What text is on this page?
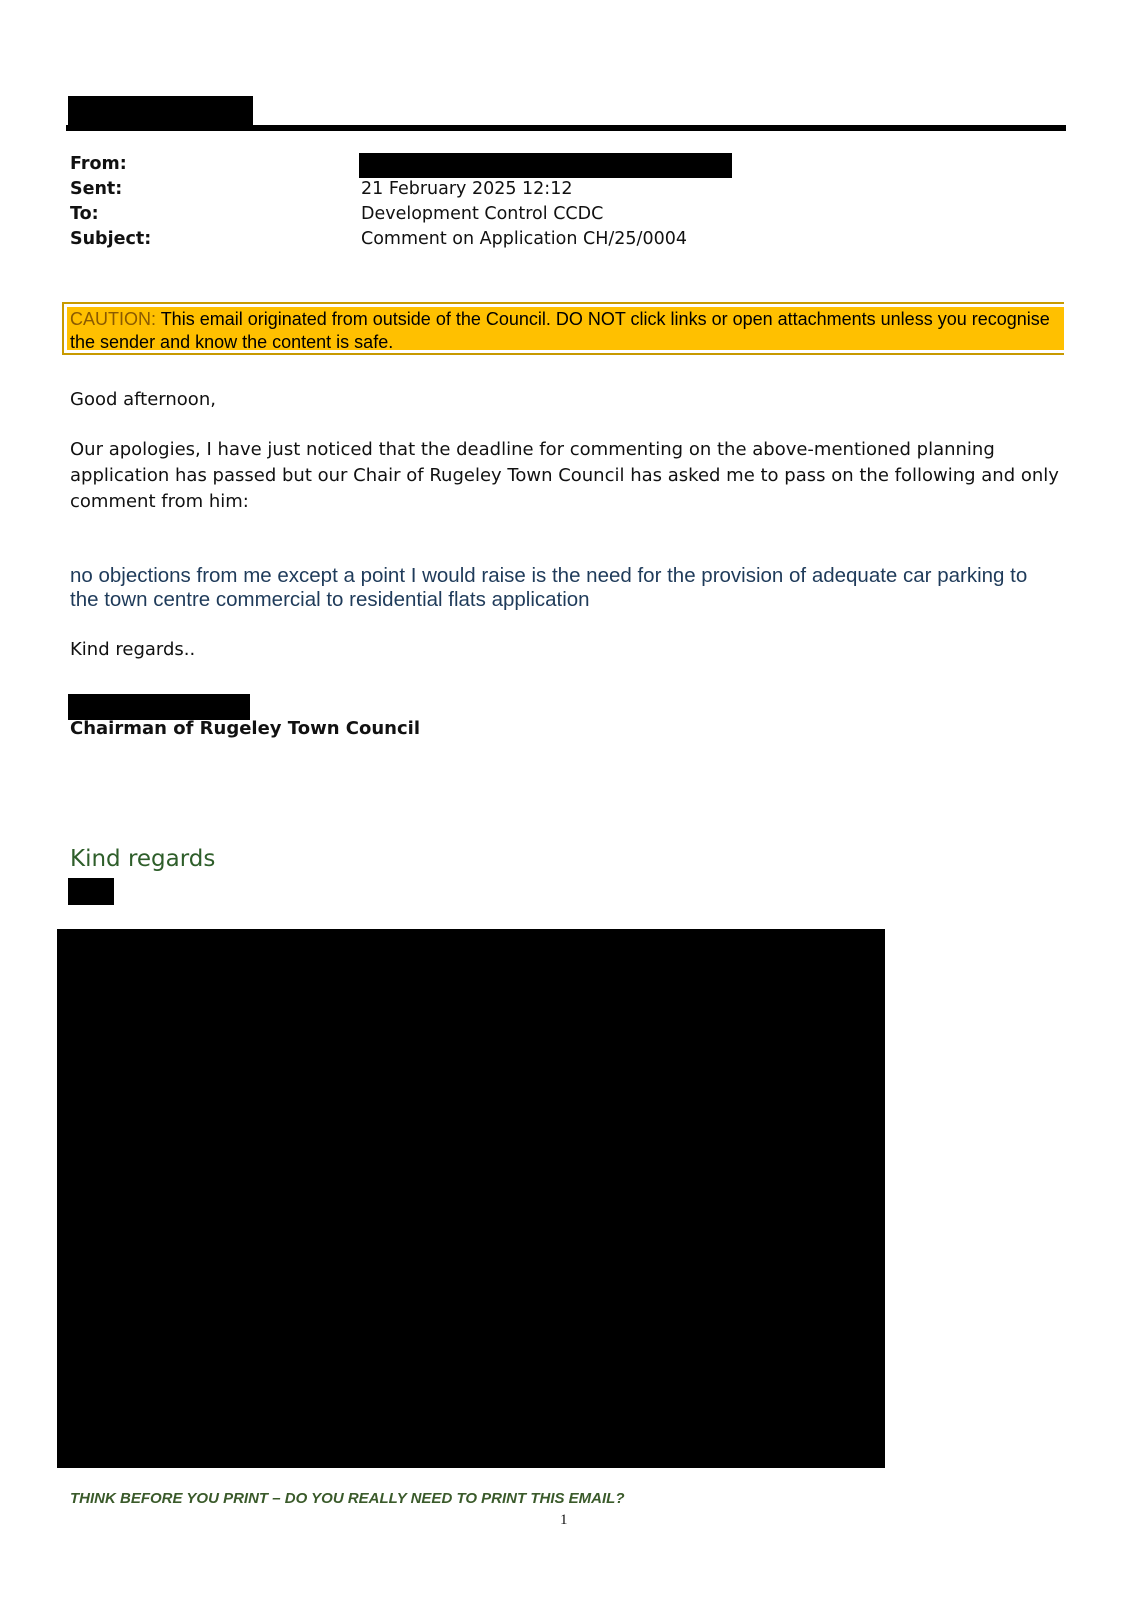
From:
Sent:	21 February 2025 12:12
To:	Development Control CCDC
Subject:	Comment on Application CH/25/0004
CAUTION: This email originated from outside of the Council. DO NOT click links or open attachments unless you recognise the sender and know the content is safe.
Good afternoon,
Our apologies, I have just noticed that the deadline for commenting on the above-mentioned planning application has passed but our Chair of Rugeley Town Council has asked me to pass on the following and only comment from him:
no objections from me except a point I would raise is the need for the provision of adequate car parking to the town centre commercial to residential flats application
Kind regards..
Chairman of Rugeley Town Council
Kind regards
THINK BEFORE YOU PRINT – DO YOU REALLY NEED TO PRINT THIS EMAIL?
1
